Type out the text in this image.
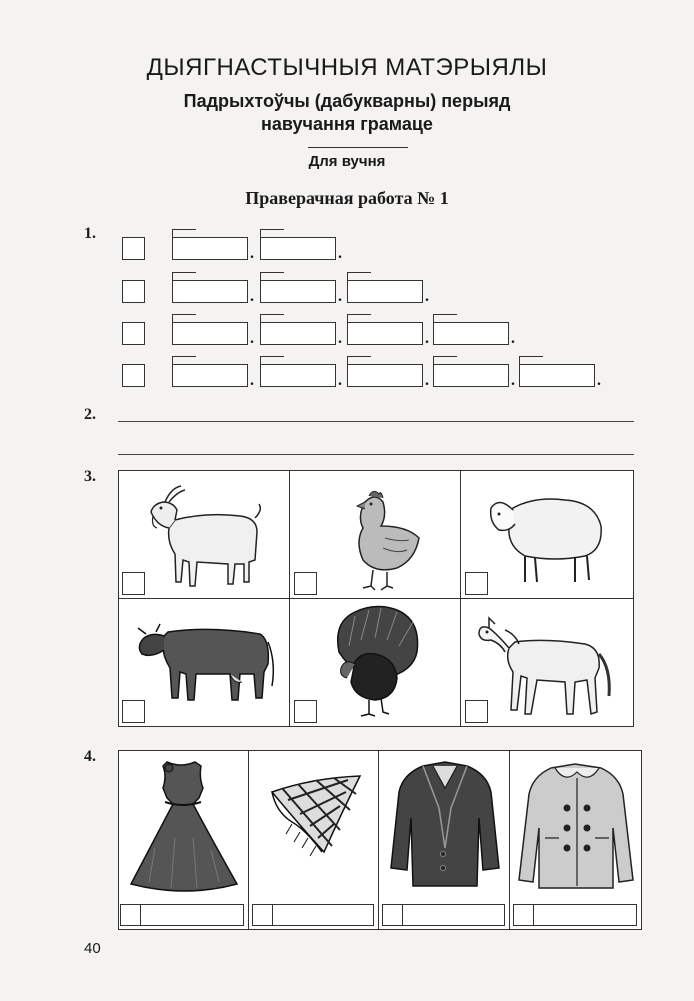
ДЫЯГНАСТЫЧНЫЯ МАТЭРЫЯЛЫ
Падрыхтоўчы (дабукварны) перыяд
навучання грамаце
Для вучня
Праверачная работа № 1
1.
.	.
.	.	.
.	.	.	.
.	.	.	.	.
2.
3.
4.
40
